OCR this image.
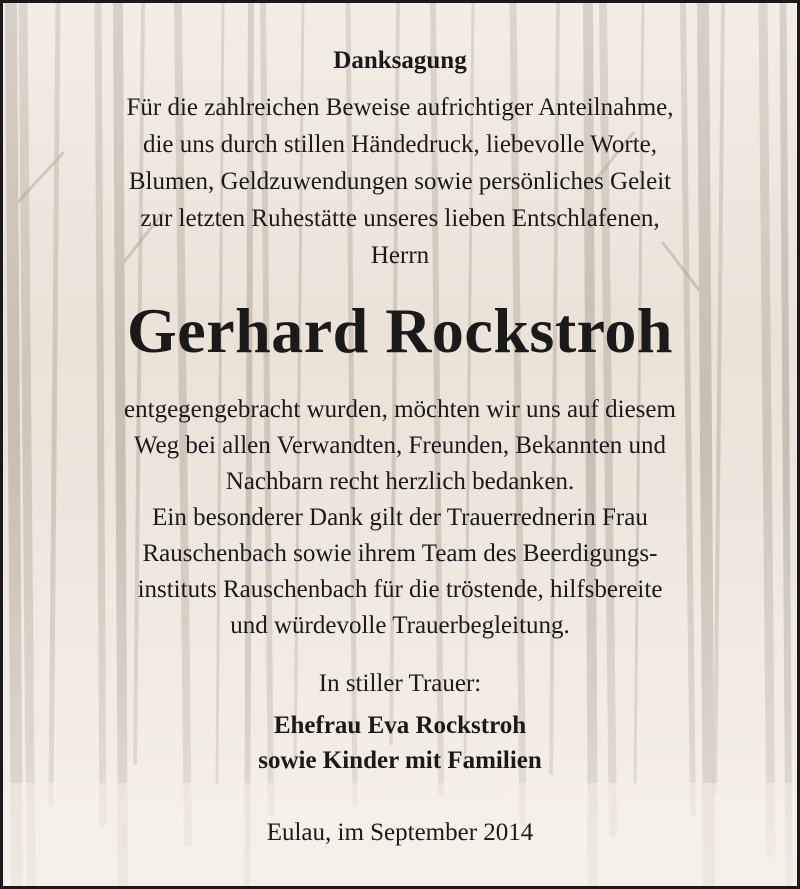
Danksagung
Für die zahlreichen Beweise aufrichtiger Anteilnahme,
die uns durch stillen Händedruck, liebevolle Worte,
Blumen, Geldzuwendungen sowie persönliches Geleit
zur letzten Ruhestätte unseres lieben Entschlafenen,
Herrn
Gerhard Rockstroh
entgegengebracht wurden, möchten wir uns auf diesem
Weg bei allen Verwandten, Freunden, Bekannten und
Nachbarn recht herzlich bedanken.
Ein besonderer Dank gilt der Trauerrednerin Frau
Rauschenbach sowie ihrem Team des Beerdigungs-
instituts Rauschenbach für die tröstende, hilfsbereite
und würdevolle Trauerbegleitung.
In stiller Trauer:
Ehefrau Eva Rockstroh
sowie Kinder mit Familien
Eulau, im September 2014
